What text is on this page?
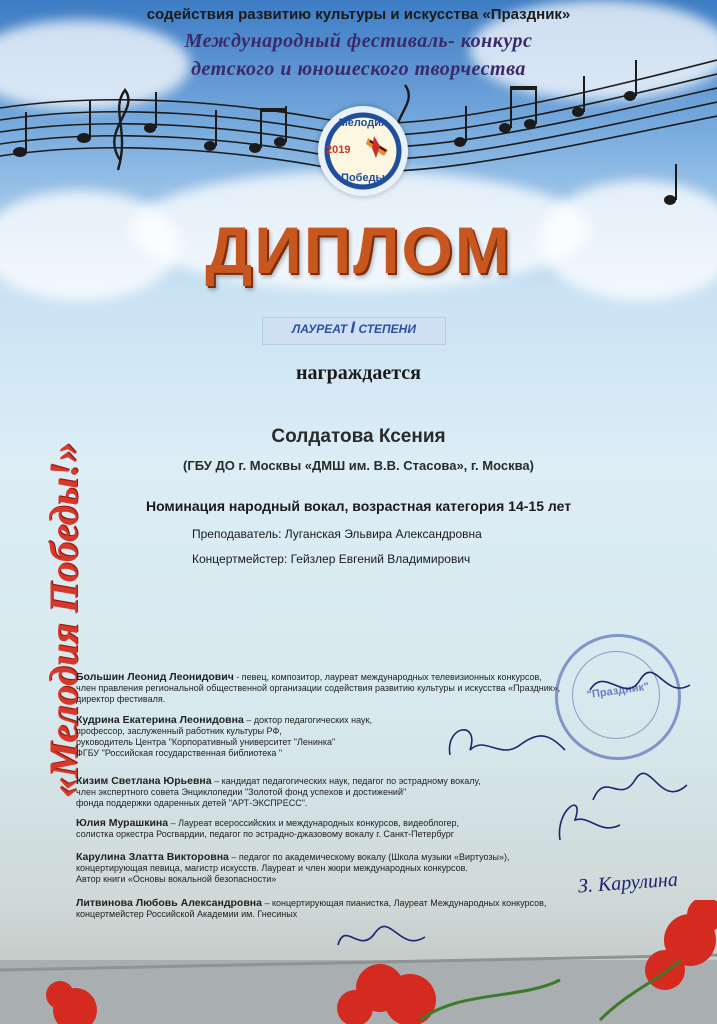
содействия развитию культуры и искусства «Праздник»
Международный фестиваль- конкурс
детского и юношеского творчества
Мелодия
2019
Победы
ДИПЛОМ
ЛАУРЕАТ I СТЕПЕНИ
награждается
Солдатова Ксения
(ГБУ ДО г. Москвы «ДМШ им. В.В. Стасова», г. Москва)
Номинация народный вокал, возрастная категория 14-15 лет
Преподаватель: Луганская Эльвира Александровна
Концертмейстер: Гейзлер Евгений Владимирович
«Мелодия Победы!»	"Праздник"
Большин Леонид Леонидович - певец, композитор, лауреат международных телевизионных конкурсов,
член правления региональной общественной организации содействия развитию культуры и искусства «Праздник»,
директор фестиваля.
Кудрина Екатерина Леонидовна – доктор педагогических наук,
профессор, заслуженный работник культуры РФ,
руководитель Центра "Корпоративный университет "Ленинка"
ФГБУ "Российская государственная библиотека "
Кизим Светлана Юрьевна – кандидат педагогических наук, педагог по эстрадному вокалу,
член экспертного совета Энциклопедии "Золотой фонд успехов и достижений"
фонда поддержки одаренных детей "АРТ-ЭКСПРЕСС".
Юлия Мурашкина – Лауреат всероссийских и международных конкурсов, видеоблогер,
солистка оркестра Росгвардии, педагог по эстрадно-джазовому вокалу г. Санкт-Петербург
Карулина Златта Викторовна – педагог по академическому вокалу (Школа музыки «Виртуозы»),
концертирующая певица, магистр искусств. Лауреат и член жюри международных конкурсов.
Автор книги «Основы вокальной безопасности»
Литвинова Любовь Александровна – концертирующая пианистка, Лауреат Международных конкурсов,
концертмейстер Российской Академии им. Гнесиных
З. Карулина
